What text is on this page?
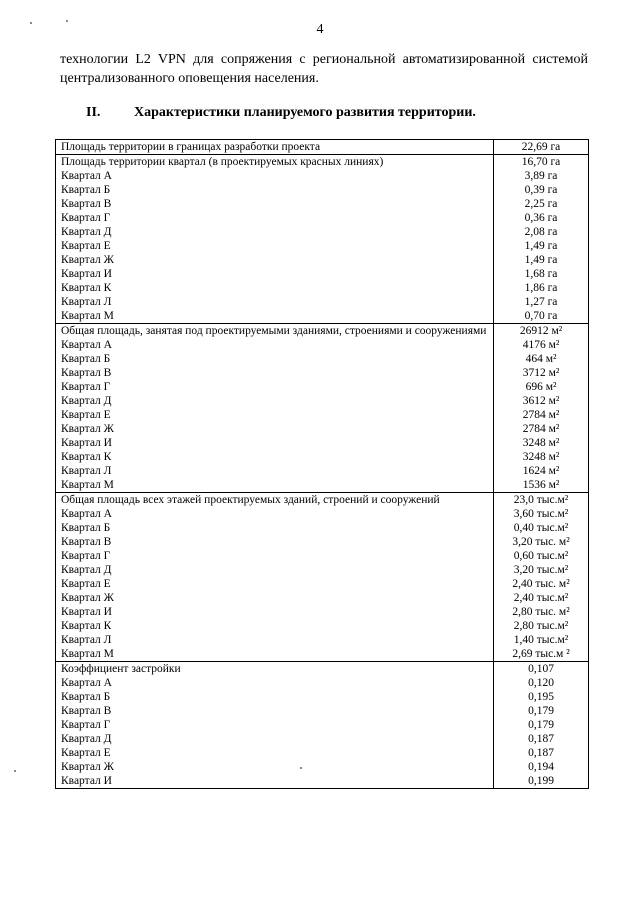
4
технологии L2 VPN для сопряжения с региональной автоматизированной системой централизованного оповещения населения.
II. Характеристики планируемого развития территории.
Площадь территории в границах разработки проекта	22,69 га
Площадь территории квартал (в проектируемых красных линиях)	16,70 га
Квартал А	3,89 га
Квартал Б	0,39 га
Квартал В	2,25 га
Квартал Г	0,36 га
Квартал Д	2,08 га
Квартал Е	1,49 га
Квартал Ж	1,49 га
Квартал И	1,68 га
Квартал К	1,86 га
Квартал Л	1,27 га
Квартал М	0,70 га
Общая площадь, занятая под проектируемыми зданиями, строениями и сооружениями	26912 м²
Квартал А	4176 м²
Квартал Б	464 м²
Квартал В	3712 м²
Квартал Г	696 м²
Квартал Д	3612 м²
Квартал Е	2784 м²
Квартал Ж	2784 м²
Квартал И	3248 м²
Квартал К	3248 м²
Квартал Л	1624 м²
Квартал М	1536 м²
Общая площадь всех этажей проектируемых зданий, строений и сооружений	23,0 тыс.м²
Квартал А	3,60 тыс.м²
Квартал Б	0,40 тыс.м²
Квартал В	3,20 тыс. м²
Квартал Г	0,60 тыс.м²
Квартал Д	3,20 тыс.м²
Квартал Е	2,40 тыс. м²
Квартал Ж	2,40 тыс.м²
Квартал И	2,80 тыс. м²
Квартал К	2,80 тыс.м²
Квартал Л	1,40 тыс.м²
Квартал М	2,69 тыс.м ²
Коэффициент застройки	0,107
Квартал А	0,120
Квартал Б	0,195
Квартал В	0,179
Квартал Г	0,179
Квартал Д	0,187
Квартал Е	0,187
Квартал Ж	0,194
Квартал И	0,199
